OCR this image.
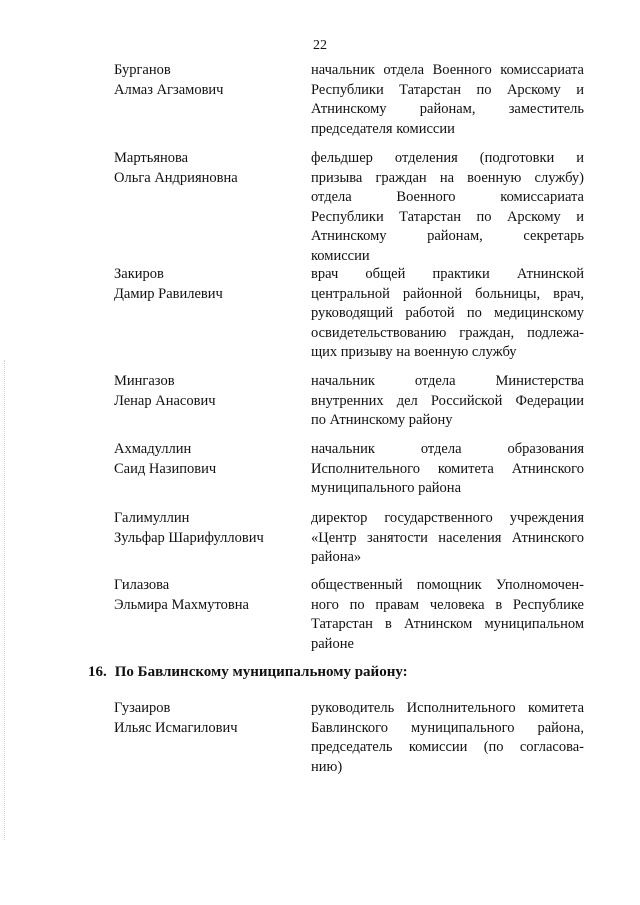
22
Бурганов
Алмаз Агзамович
начальник отдела Военного комиссариата
Республики Татарстан по Арскому и
Атнинскому районам, заместитель
председателя комиссии
Мартьянова
Ольга Андрияновна
фельдшер отделения (подготовки и
призыва граждан на военную службу)
отдела Военного комиссариата
Республики Татарстан по Арскому и
Атнинскому районам, секретарь
комиссии
Закиров
Дамир Равилевич
врач общей практики Атнинской
центральной районной больницы, врач,
руководящий работой по медицинскому
освидетельствованию граждан, подлежа-
щих призыву на военную службу
Мингазов
Ленар Анасович
начальник отдела Министерства
внутренних дел Российской Федерации
по Атнинскому району
Ахмадуллин
Саид Назипович
начальник отдела образования
Исполнительного комитета Атнинского
муниципального района
Галимуллин
Зульфар Шарифуллович
директор государственного учреждения
«Центр занятости населения Атнинского
района»
Гилазова
Эльмира Махмутовна
общественный помощник Уполномочен-
ного по правам человека в Республике
Татарстан в Атнинском муниципальном
районе
16. По Бавлинскому муниципальному району:
Гузаиров
Ильяс Исмагилович
руководитель Исполнительного комитета
Бавлинского муниципального района,
председатель комиссии (по согласова-
нию)
